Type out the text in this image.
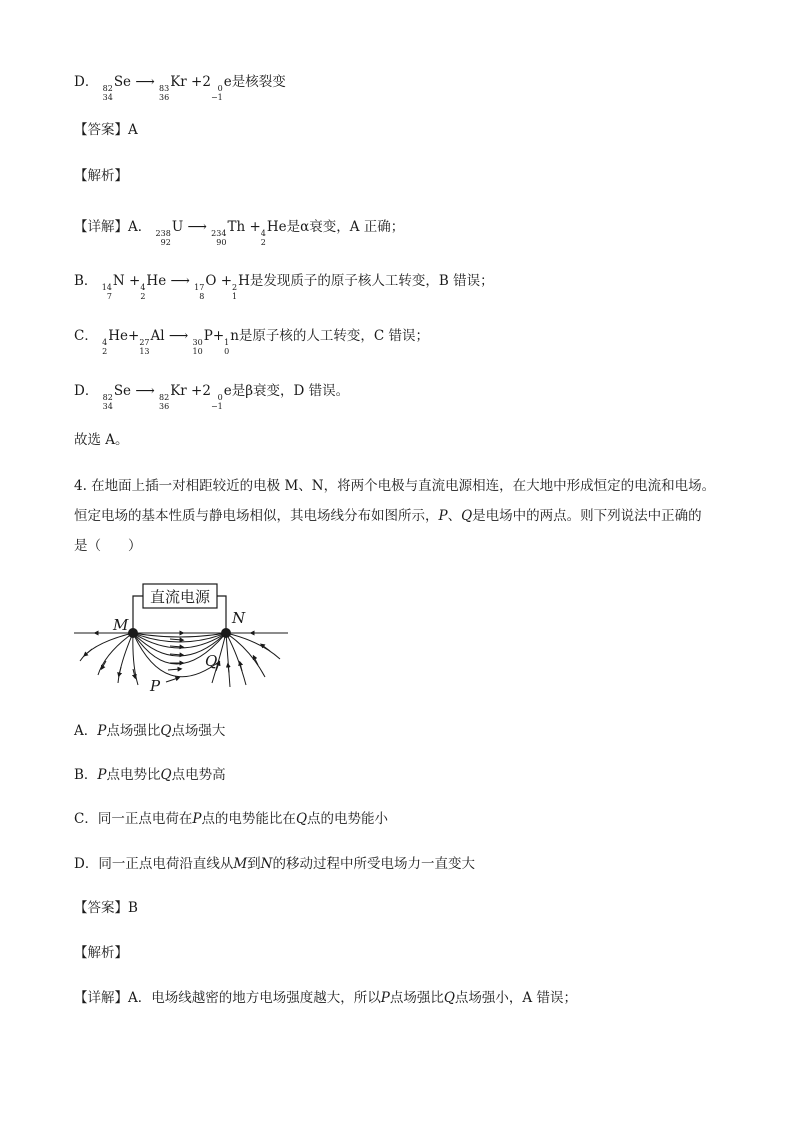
D． 82
34
Se ⟶ 83
36
Kr +2 0
−1
e是核裂变
【答案】A
【解析】
【详解】A． 238
92
U ⟶ 234
90
Th + 4
2
He是α衰变，A 正确；
B． 14
7
N + 4
2
He ⟶ 17
8
O + 2
1
H是发现质子的原子核人工转变，B 错误；
C． 4
2
He+ 27
13
Al ⟶ 30
10
P+ 1
0
n是原子核的人工转变，C 错误；
D． 82
34
Se ⟶ 82
36
Kr +2 0
−1
e是β衰变，D 错误。
故选 A。
4. 在地面上插一对相距较近的电极 M、N，将两个电极与直流电源相连，在大地中形成恒定的电流和电场。
恒定电场的基本性质与静电场相似，其电场线分布如图所示，P、Q是电场中的两点。则下列说法中正确的
是（　　）
直流电源
M	N
P
Q
A．P点场强比Q点场强大
B．P点电势比Q点电势高
C．同一正点电荷在P点的电势能比在Q点的电势能小
D．同一正点电荷沿直线从M到N的移动过程中所受电场力一直变大
【答案】B
【解析】
【详解】A．电场线越密的地方电场强度越大，所以P点场强比Q点场强小，A 错误；
